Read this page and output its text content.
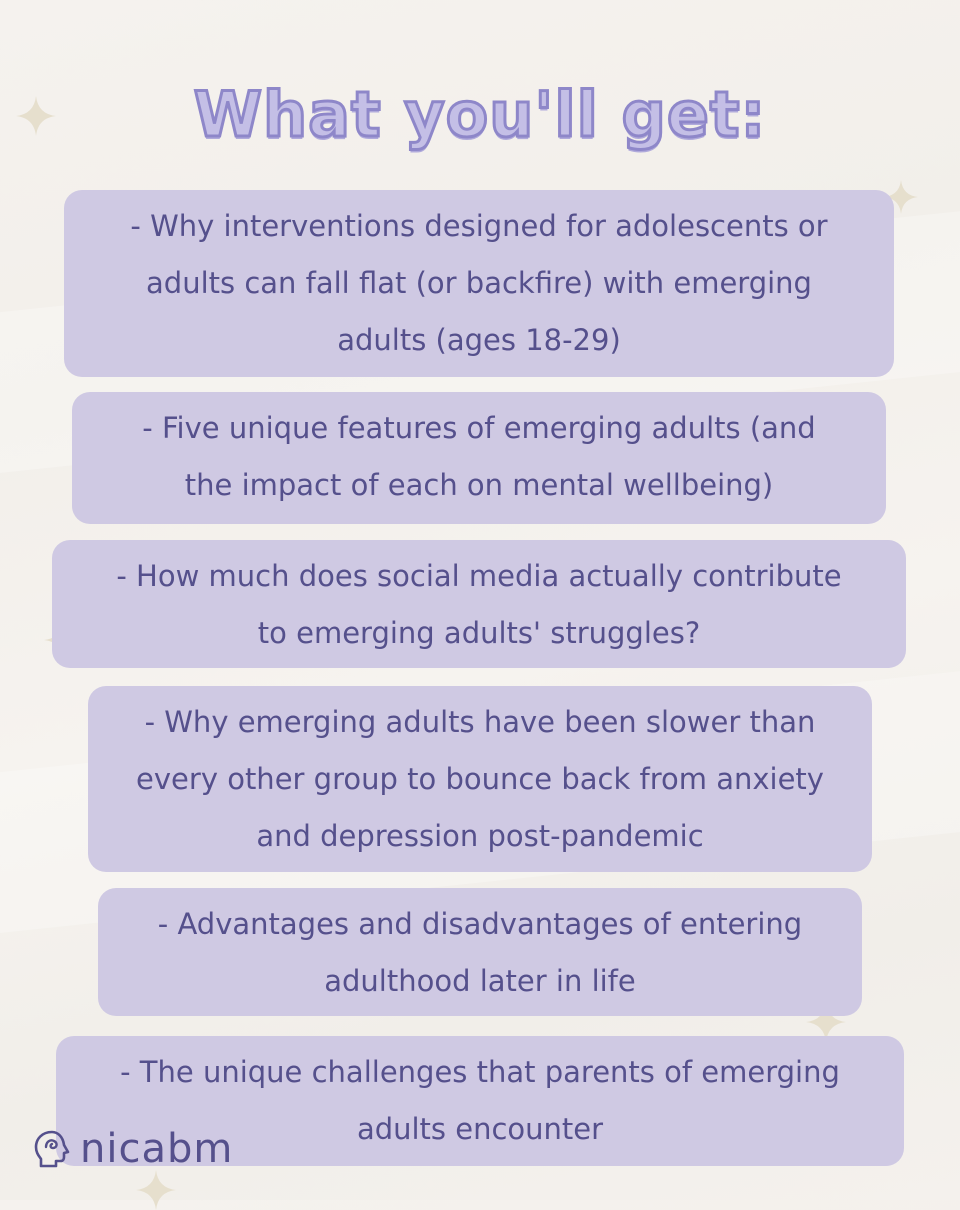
What you'll get:
- Why interventions designed for adolescents or
adults can fall flat (or backfire) with emerging
adults (ages 18-29)
- Five unique features of emerging adults (and
the impact of each on mental wellbeing)
- How much does social media actually contribute
to emerging adults' struggles?
- Why emerging adults have been slower than
every other group to bounce back from anxiety
and depression post-pandemic
- Advantages and disadvantages of entering
adulthood later in life
- The unique challenges that parents of emerging
adults encounter
nicabm
